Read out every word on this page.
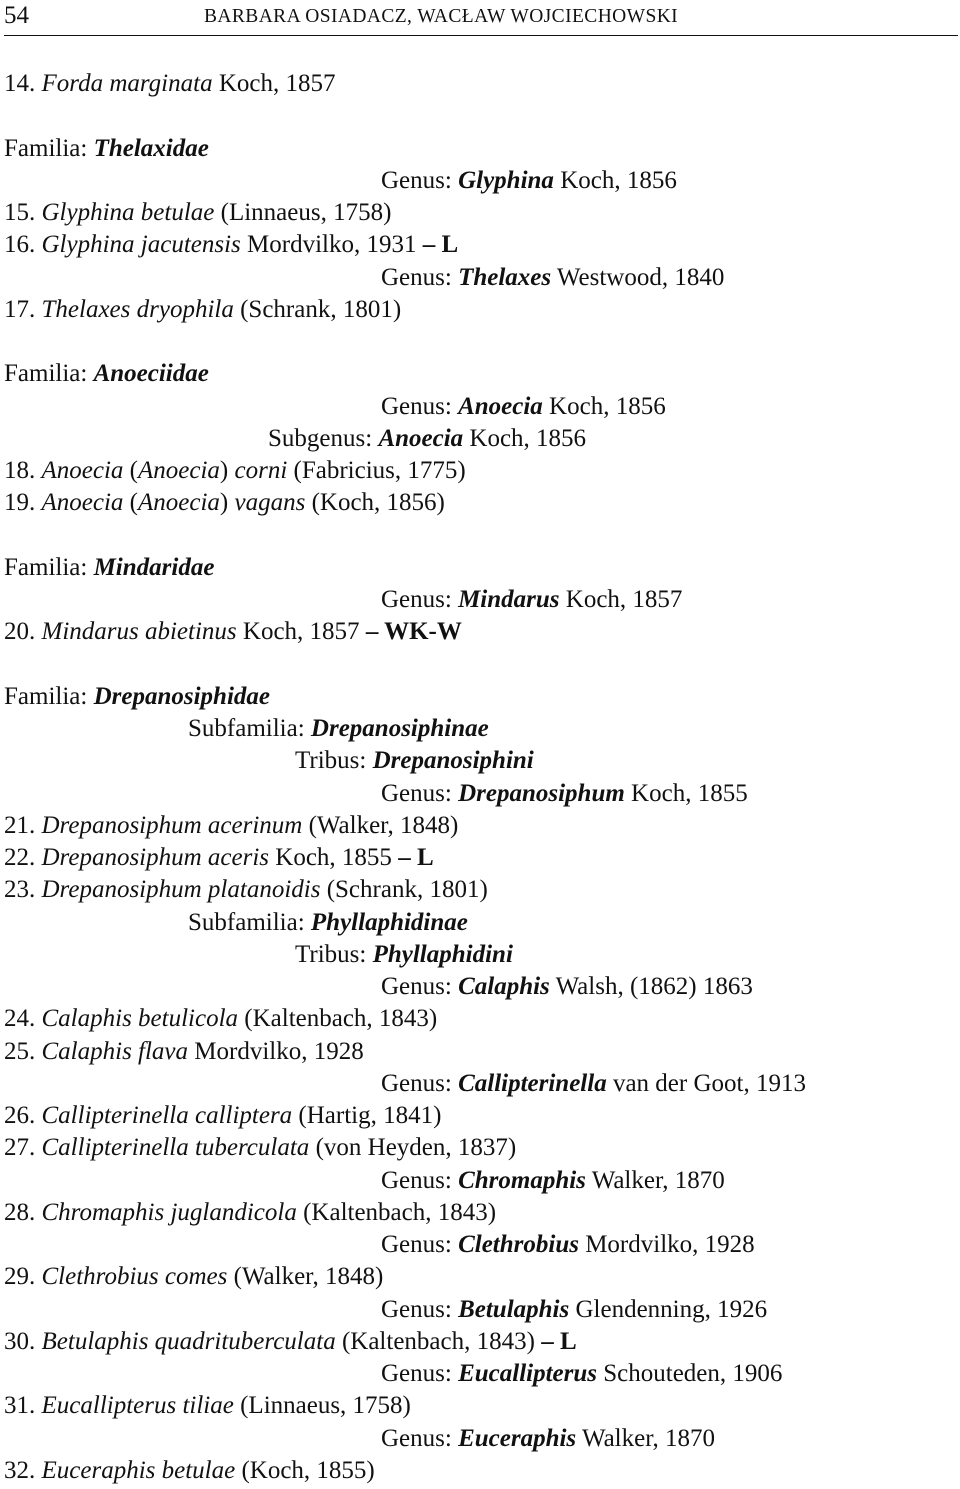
54	BARBARA OSIADACZ, WACŁAW WOJCIECHOWSKI
14. Forda marginata Koch, 1857
Familia: Thelaxidae
Genus: Glyphina Koch, 1856
15. Glyphina betulae (Linnaeus, 1758)
16. Glyphina jacutensis Mordvilko, 1931 – L
Genus: Thelaxes Westwood, 1840
17. Thelaxes dryophila (Schrank, 1801)
Familia: Anoeciidae
Genus: Anoecia Koch, 1856
Subgenus: Anoecia Koch, 1856
18. Anoecia (Anoecia) corni (Fabricius, 1775)
19. Anoecia (Anoecia) vagans (Koch, 1856)
Familia: Mindaridae
Genus: Mindarus Koch, 1857
20. Mindarus abietinus Koch, 1857 – WK-W
Familia: Drepanosiphidae
Subfamilia: Drepanosiphinae
Tribus: Drepanosiphini
Genus: Drepanosiphum Koch, 1855
21. Drepanosiphum acerinum (Walker, 1848)
22. Drepanosiphum aceris Koch, 1855 – L
23. Drepanosiphum platanoidis (Schrank, 1801)
Subfamilia: Phyllaphidinae
Tribus: Phyllaphidini
Genus: Calaphis Walsh, (1862) 1863
24. Calaphis betulicola (Kaltenbach, 1843)
25. Calaphis flava Mordvilko, 1928
Genus: Callipterinella van der Goot, 1913
26. Callipterinella calliptera (Hartig, 1841)
27. Callipterinella tuberculata (von Heyden, 1837)
Genus: Chromaphis Walker, 1870
28. Chromaphis juglandicola (Kaltenbach, 1843)
Genus: Clethrobius Mordvilko, 1928
29. Clethrobius comes (Walker, 1848)
Genus: Betulaphis Glendenning, 1926
30. Betulaphis quadrituberculata (Kaltenbach, 1843) – L
Genus: Eucallipterus Schouteden, 1906
31. Eucallipterus tiliae (Linnaeus, 1758)
Genus: Euceraphis Walker, 1870
32. Euceraphis betulae (Koch, 1855)
